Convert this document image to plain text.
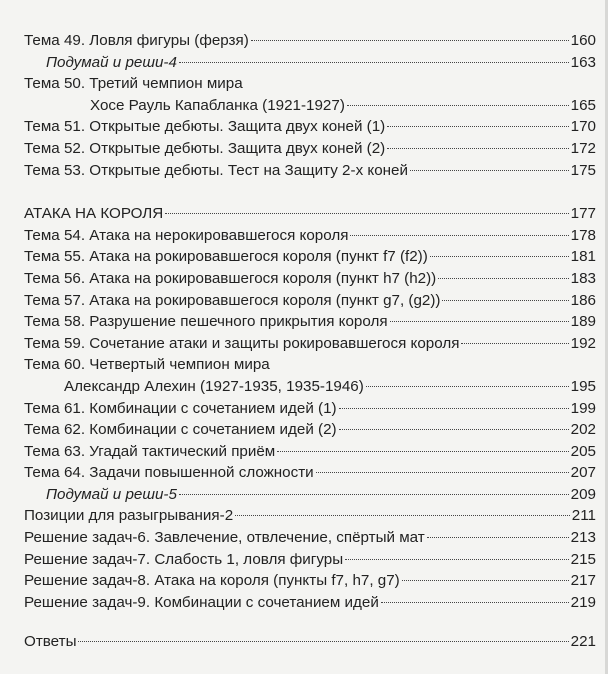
Тема 49. Ловля фигуры (ферзя)	160
Подумай и реши-4	163
Тема 50. Третий чемпион мира
Хосе Рауль Капабланка (1921-1927)	165
Тема 51. Открытые дебюты. Защита двух коней (1)	170
Тема 52. Открытые дебюты. Защита двух коней (2)	172
Тема 53. Открытые дебюты. Тест на Защиту 2-х коней	175
АТАКА НА КОРОЛЯ	177
Тема 54. Атака на нерокировавшегося короля	178
Тема 55. Атака на рокировавшегося короля (пункт f7 (f2))	181
Тема 56. Атака на рокировавшегося короля (пункт h7 (h2))	183
Тема 57. Атака на рокировавшегося короля (пункт g7, (g2))	186
Тема 58. Разрушение пешечного прикрытия короля	189
Тема 59. Сочетание атаки и защиты рокировавшегося короля	192
Тема 60. Четвертый чемпион мира
Александр Алехин (1927-1935, 1935-1946)	195
Тема 61. Комбинации с сочетанием идей (1)	199
Тема 62. Комбинации с сочетанием идей (2)	202
Тема 63. Угадай тактический приём	205
Тема 64. Задачи повышенной сложности	207
Подумай и реши-5	209
Позиции для разыгрывания-2	211
Решение задач-6. Завлечение, отвлечение, спёртый мат	213
Решение задач-7. Слабость 1, ловля фигуры	215
Решение задач-8. Атака на короля (пункты f7, h7, g7)	217
Решение задач-9. Комбинации с сочетанием идей	219
Ответы	221
